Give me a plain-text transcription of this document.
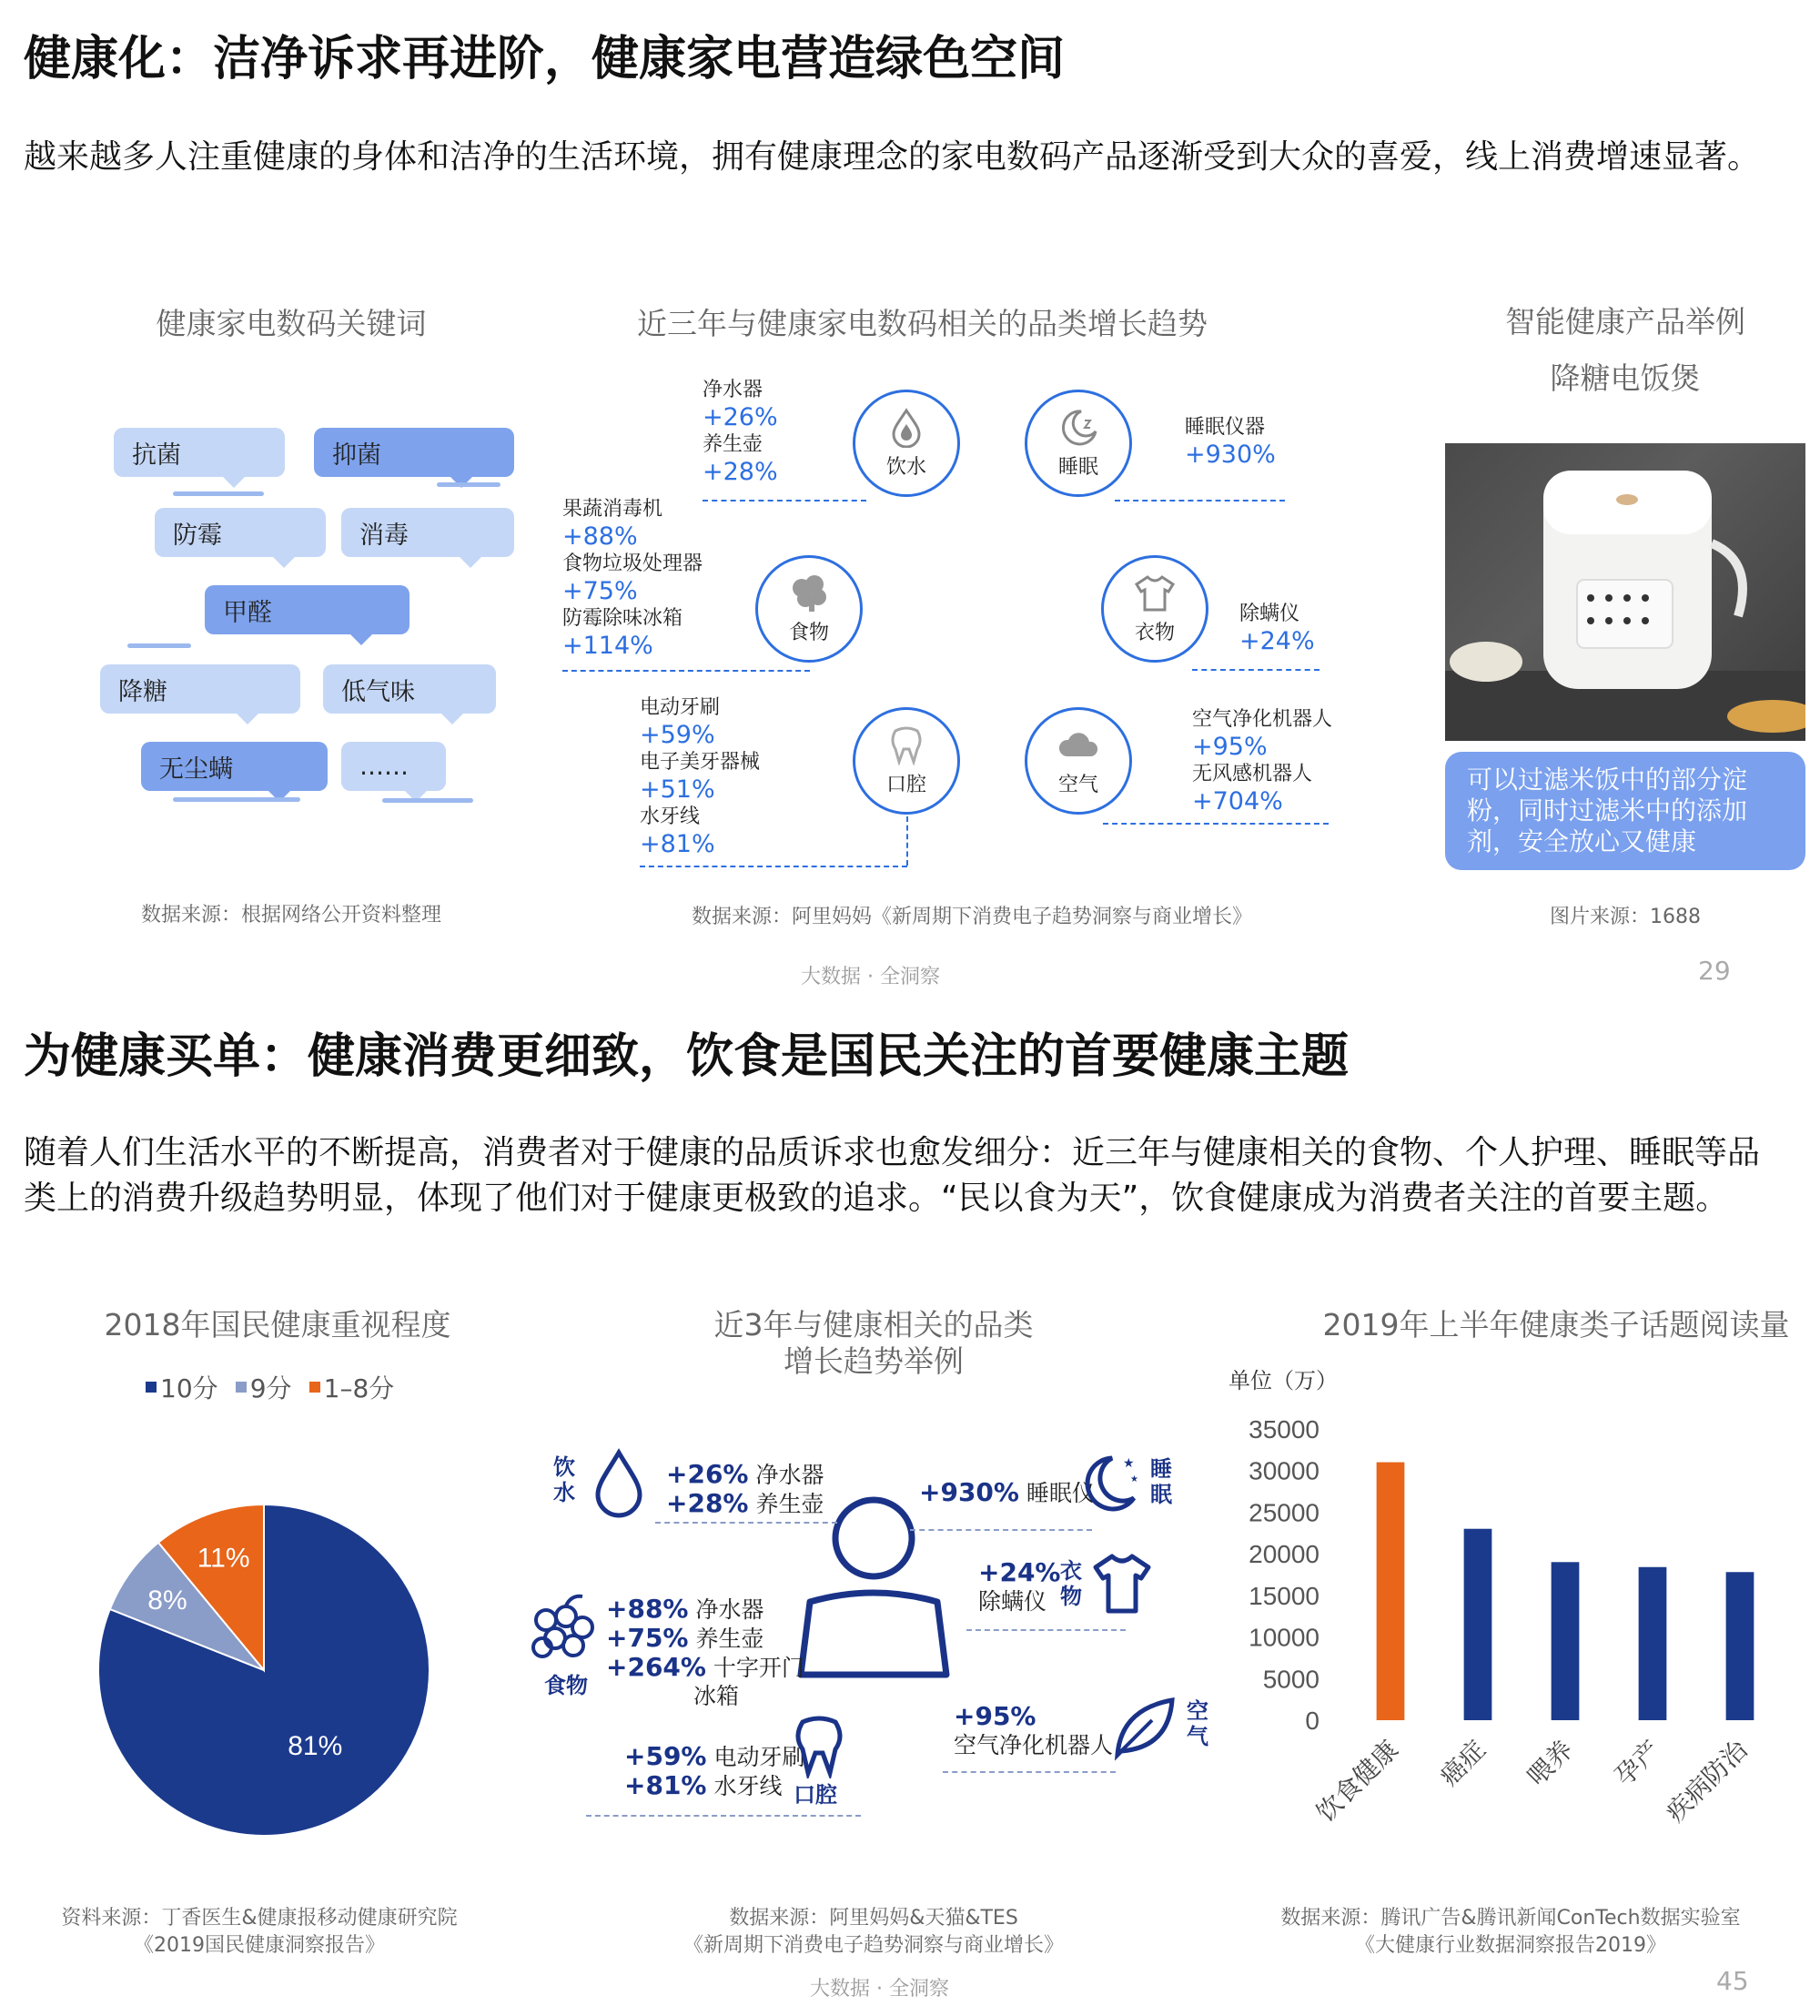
健康化：洁净诉求再进阶，健康家电营造绿色空间
越来越多人注重健康的身体和洁净的生活环境，拥有健康理念的家电数码产品逐渐受到大众的喜爱，线上消费增速显著。
健康家电数码关键词
抗菌	抑菌
防霉	消毒
甲醛
降糖	低气味
无尘螨	……
数据来源：根据网络公开资料整理
近三年与健康家电数码相关的品类增长趋势
净水器
+26%
养生壶
+28%	饮水	睡眠
睡眠仪器
+930%
果蔬消毒机
+88%
食物垃圾处理器
+75%
防霉除味冰箱
+114%	食物	衣物
除螨仪
+24%
电动牙刷
+59%
电子美牙器械
+51%
水牙线
+81%
口腔	空气
空气净化机器人
+95%
无风感机器人
+704%
数据来源：阿里妈妈《新周期下消费电子趋势洞察与商业增长》
智能健康产品举例
降糖电饭煲
可以过滤米饭中的部分淀粉，同时过滤米中的添加剂，安全放心又健康
图片来源：1688
大数据 · 全洞察	29
为健康买单：健康消费更细致，饮食是国民关注的首要健康主题
随着人们生活水平的不断提高，消费者对于健康的品质诉求也愈发细分：近三年与健康相关的食物、个人护理、睡眠等品类上的消费升级趋势明显，体现了他们对于健康更极致的追求。“民以食为天”，饮食健康成为消费者关注的首要主题。
2018年国民健康重视程度
10分
9分
1–8分
81%
8%
11%
资料来源：丁香医生&健康报移动健康研究院
《2019国民健康洞察报告》
近3年与健康相关的品类
增长趋势举例
饮水
+26% 净水器
+28% 养生壶	+930% 睡眠仪
★
★ 睡眠
食物
+88% 净水器
+75% 养生壶
+264% 十字开门
冰箱
+24%
除螨仪
衣物
+95%
空气净化机器人
空气
+59% 电动牙刷
+81% 水牙线 口腔
数据来源：阿里妈妈&天猫&TES
《新周期下消费电子趋势洞察与商业增长》
2019年上半年健康类子话题阅读量
单位（万）
0
5000
10000
15000
20000
25000
30000
35000
饮食健康 癌症 喂养 孕产
疾病防治
数据来源：腾讯广告&腾讯新闻ConTech数据实验室
《大健康行业数据洞察报告2019》
大数据 · 全洞察	45
